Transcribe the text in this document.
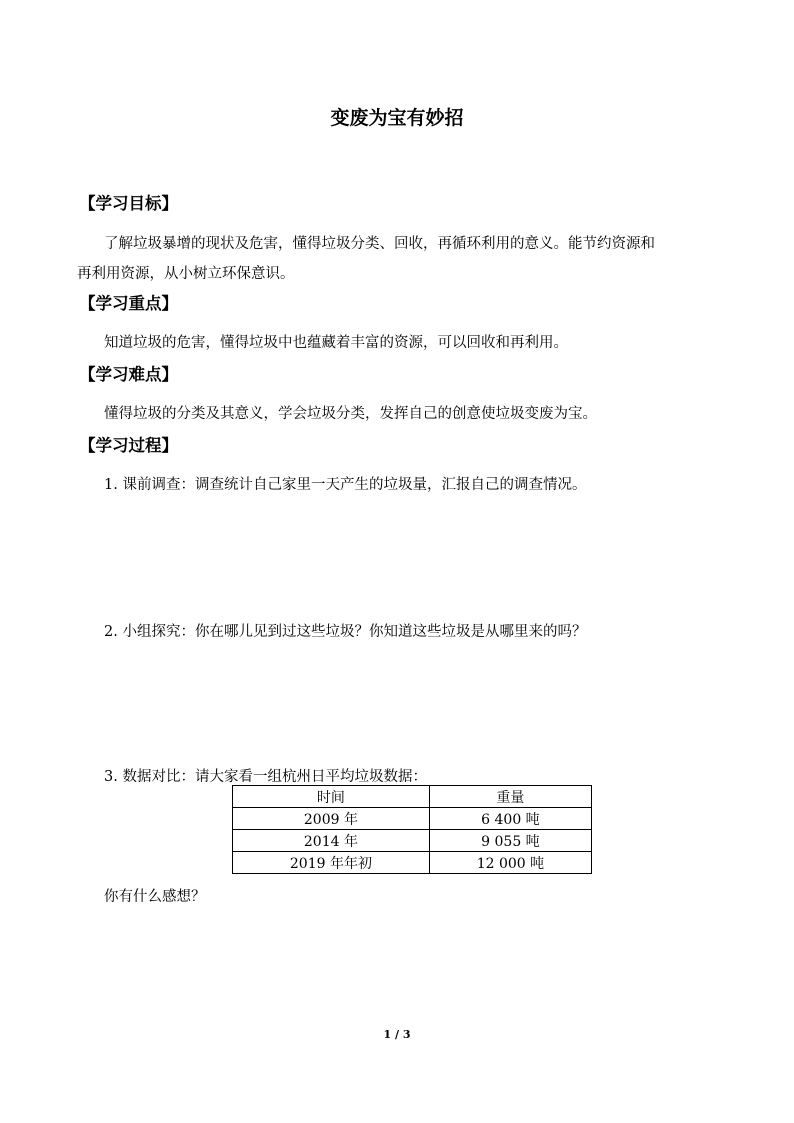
变废为宝有妙招
【学习目标】
了解垃圾暴增的现状及危害，懂得垃圾分类、回收，再循环利用的意义。能节约资源和
再利用资源，从小树立环保意识。
【学习重点】
知道垃圾的危害，懂得垃圾中也蕴藏着丰富的资源，可以回收和再利用。
【学习难点】
懂得垃圾的分类及其意义，学会垃圾分类，发挥自己的创意使垃圾变废为宝。
【学习过程】
1. 课前调查：调查统计自己家里一天产生的垃圾量，汇报自己的调查情况。
2. 小组探究：你在哪儿见到过这些垃圾？你知道这些垃圾是从哪里来的吗？
3. 数据对比：请大家看一组杭州日平均垃圾数据：
时间	重量
2009 年	6 400 吨
2014 年	9 055 吨
2019 年年初	12 000 吨
你有什么感想？
1 / 3
